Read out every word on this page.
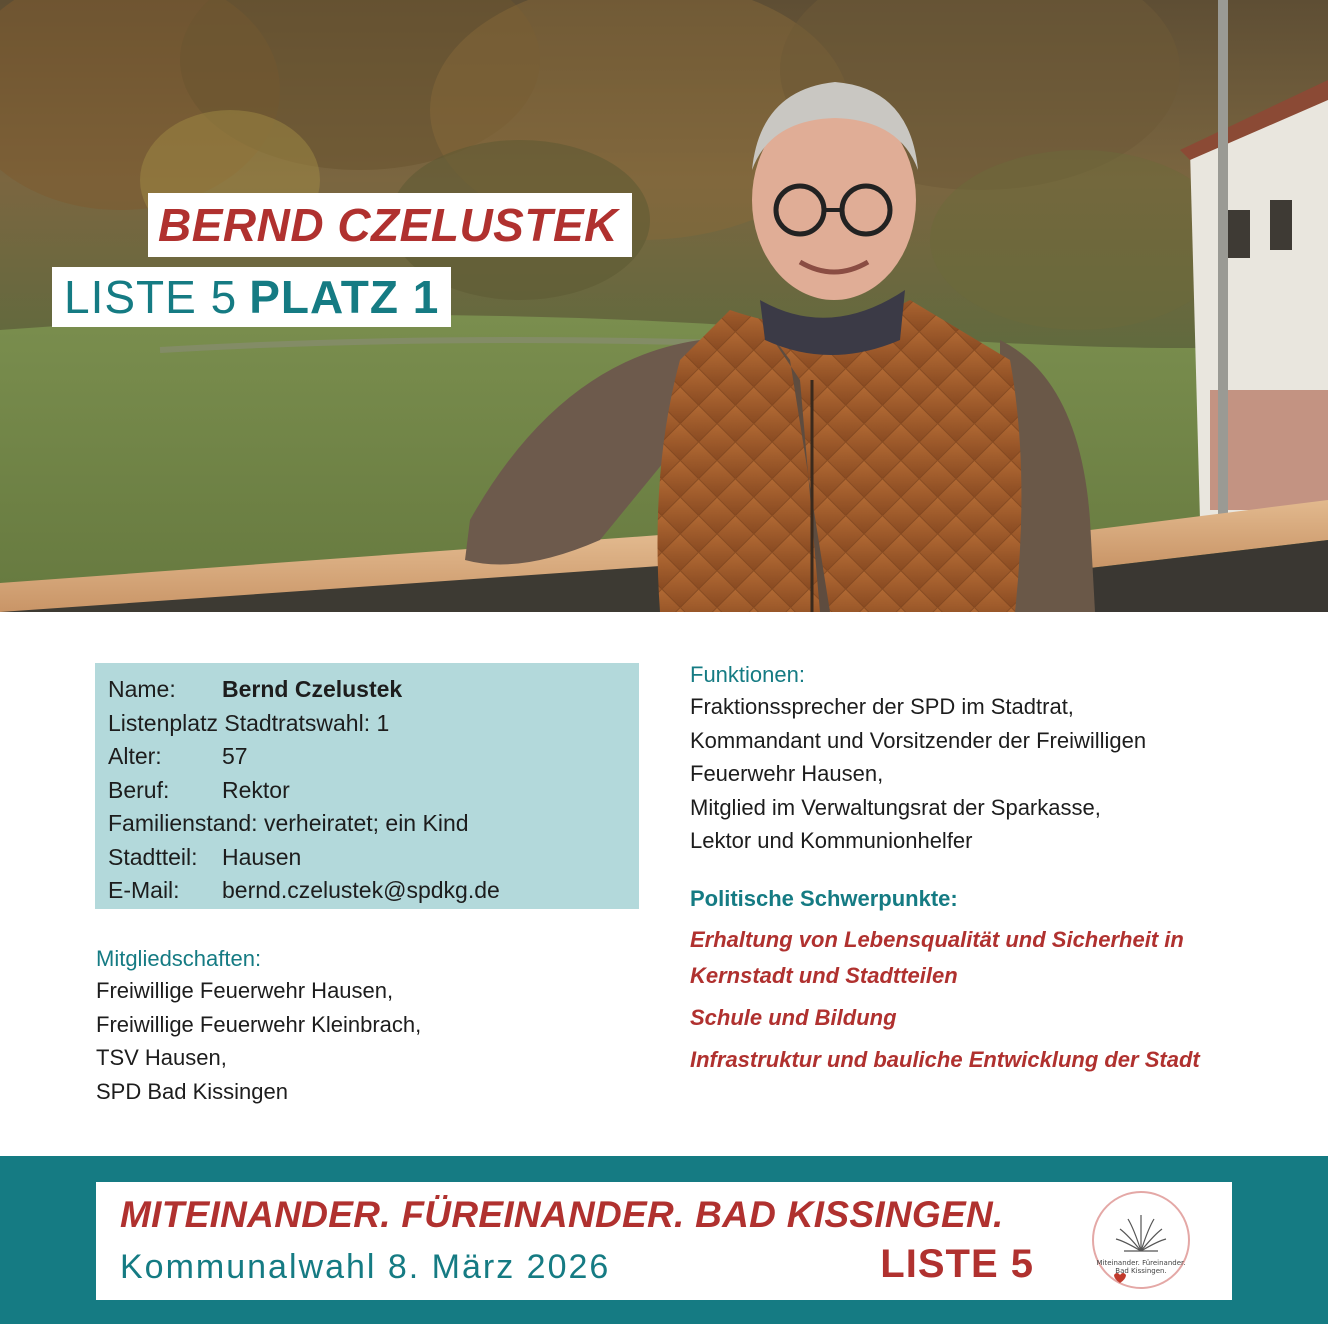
BERND CZELUSTEK
LISTE 5 PLATZ 1
Name: Bernd Czelustek
Listenplatz Stadtratswahl: 1
Alter:	57
Beruf: Rektor
Familienstand: verheiratet; ein Kind
Stadtteil: Hausen
E-Mail: bernd.czelustek@spdkg.de
Mitgliedschaften:
Freiwillige Feuerwehr Hausen,
Freiwillige Feuerwehr Kleinbrach,
TSV Hausen,
SPD Bad Kissingen
Funktionen:
Fraktionssprecher der SPD im Stadtrat,
Kommandant und Vorsitzender der Freiwilligen
Feuerwehr Hausen,
Mitglied im Verwaltungsrat der Sparkasse,
Lektor und Kommunionhelfer
Politische Schwerpunkte:
Erhaltung von Lebensqualität und Sicherheit in
Kernstadt und Stadtteilen
Schule und Bildung
Infrastruktur und bauliche Entwicklung der Stadt
MITEINANDER. FÜREINANDER. BAD KISSINGEN.
Kommunalwahl 8. März 2026	LISTE 5	Miteinander. Füreinander.
Bad Kissingen.
